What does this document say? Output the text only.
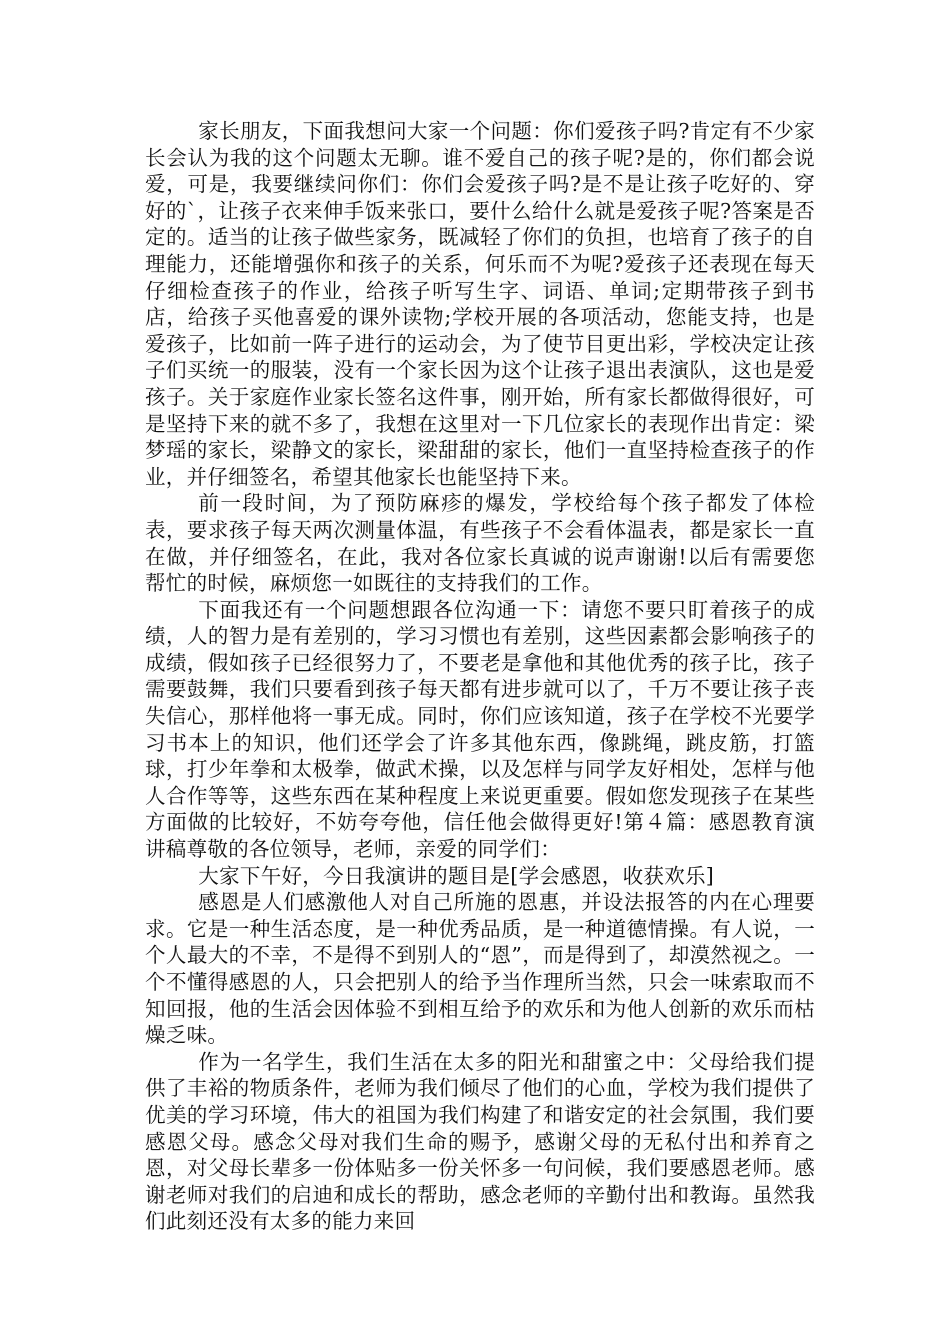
家长朋友，下面我想问大家一个问题：你们爱孩子吗?肯定有不少家长会认为我的这个问题太无聊。谁不爱自己的孩子呢?是的，你们都会说爱，可是，我要继续问你们：你们会爱孩子吗?是不是让孩子吃好的、穿好的`，让孩子衣来伸手饭来张口，要什么给什么就是爱孩子呢?答案是否定的。适当的让孩子做些家务，既减轻了你们的负担，也培育了孩子的自理能力，还能增强你和孩子的关系，何乐而不为呢?爱孩子还表现在每天仔细检查孩子的作业，给孩子听写生字、词语、单词;定期带孩子到书店，给孩子买他喜爱的课外读物;学校开展的各项活动，您能支持，也是爱孩子，比如前一阵子进行的运动会，为了使节目更出彩，学校决定让孩子们买统一的服装，没有一个家长因为这个让孩子退出表演队，这也是爱孩子。关于家庭作业家长签名这件事，刚开始，所有家长都做得很好，可是坚持下来的就不多了，我想在这里对一下几位家长的表现作出肯定：梁梦瑶的家长，梁静文的家长，梁甜甜的家长，他们一直坚持检查孩子的作业，并仔细签名，希望其他家长也能坚持下来。

前一段时间，为了预防麻疹的爆发，学校给每个孩子都发了体检表，要求孩子每天两次测量体温，有些孩子不会看体温表，都是家长一直在做，并仔细签名，在此，我对各位家长真诚的说声谢谢!以后有需要您帮忙的时候，麻烦您一如既往的支持我们的工作。

下面我还有一个问题想跟各位沟通一下：请您不要只盯着孩子的成绩，人的智力是有差别的，学习习惯也有差别，这些因素都会影响孩子的成绩，假如孩子已经很努力了，不要老是拿他和其他优秀的孩子比，孩子需要鼓舞，我们只要看到孩子每天都有进步就可以了，千万不要让孩子丧失信心，那样他将一事无成。同时，你们应该知道，孩子在学校不光要学习书本上的知识，他们还学会了许多其他东西，像跳绳，跳皮筋，打篮球，打少年拳和太极拳，做武术操，以及怎样与同学友好相处，怎样与他人合作等等，这些东西在某种程度上来说更重要。假如您发现孩子在某些方面做的比较好，不妨夸夸他，信任他会做得更好!第４篇：感恩教育演讲稿尊敬的各位领导，老师，亲爱的同学们：

大家下午好，今日我演讲的题目是[学会感恩，收获欢乐]

感恩是人们感激他人对自己所施的恩惠，并设法报答的内在心理要求。它是一种生活态度，是一种优秀品质，是一种道德情操。有人说，一个人最大的不幸，不是得不到别人的“恩”，而是得到了，却漠然视之。一个不懂得感恩的人，只会把别人的给予当作理所当然，只会一味索取而不知回报，他的生活会因体验不到相互给予的欢乐和为他人创新的欢乐而枯燥乏味。

作为一名学生，我们生活在太多的阳光和甜蜜之中：父母给我们提供了丰裕的物质条件，老师为我们倾尽了他们的心血，学校为我们提供了优美的学习环境，伟大的祖国为我们构建了和谐安定的社会氛围，我们要感恩父母。感念父母对我们生命的赐予，感谢父母的无私付出和养育之恩，对父母长辈多一份体贴多一份关怀多一句问候，我们要感恩老师。感谢老师对我们的启迪和成长的帮助，感念老师的辛勤付出和教诲。虽然我们此刻还没有太多的能力来回
